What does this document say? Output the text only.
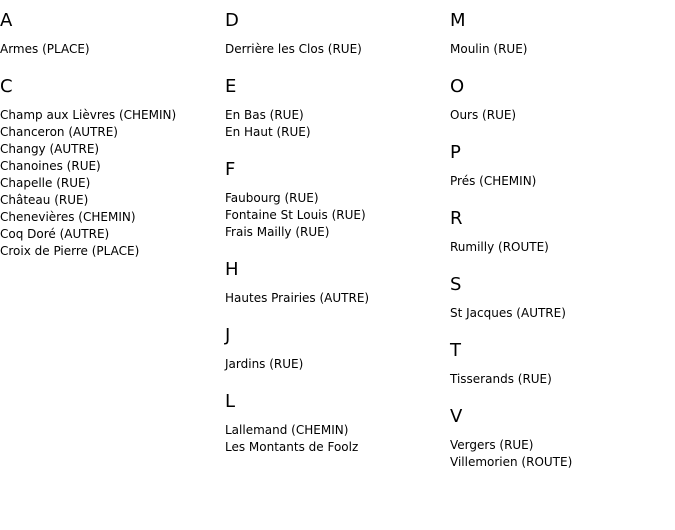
A
Armes (PLACE)
C
Champ aux Lièvres (CHEMIN)
Chanceron (AUTRE)
Changy (AUTRE)
Chanoines (RUE)
Chapelle (RUE)
Château (RUE)
Chenevières (CHEMIN)
Coq Doré (AUTRE)
Croix de Pierre (PLACE)
D
Derrière les Clos (RUE)
E
En Bas (RUE)
En Haut (RUE)
F
Faubourg (RUE)
Fontaine St Louis (RUE)
Frais Mailly (RUE)
H
Hautes Prairies (AUTRE)
J
Jardins (RUE)
L
Lallemand (CHEMIN)
Les Montants de Foolz
M
Moulin (RUE)
O
Ours (RUE)
P
Prés (CHEMIN)
R
Rumilly (ROUTE)
S
St Jacques (AUTRE)
T
Tisserands (RUE)
V
Vergers (RUE)
Villemorien (ROUTE)
